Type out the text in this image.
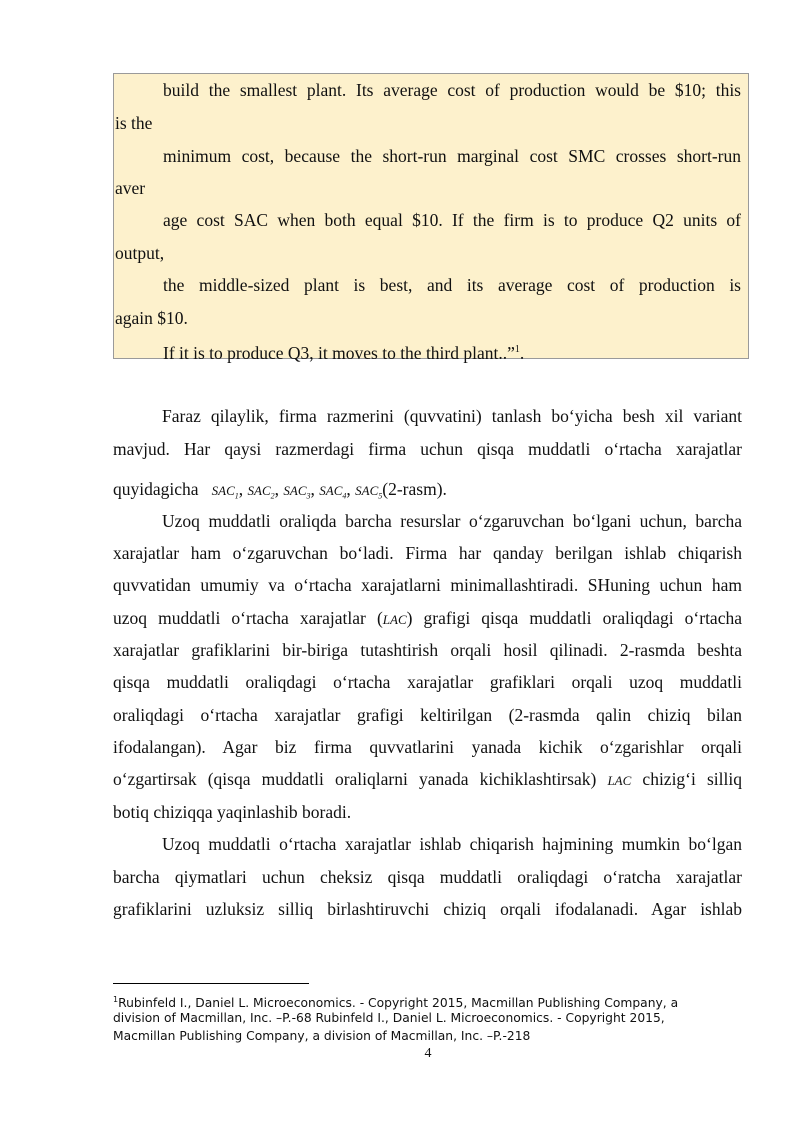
build the smallest plant. Its average cost of production would be $10; this
is the
minimum cost, because the short-run marginal cost SMC crosses short-run
aver
age cost SAC when both equal $10. If the firm is to produce Q2 units of
output,
the middle-sized plant is best, and its average cost of production is
again $10.
If it is to produce Q3, it moves to the third plant..”$^1$.
Faraz qilaylik, firma razmerini (quvvatini) tanlash bo‘yicha besh xil variant
mavjud. Har qaysi razmerdagi firma uchun qisqa muddatli o‘rtacha xarajatlar
quyidagicha $SAC_1$, $SAC_2$, $SAC_3$, $SAC_4$, $SAC_5(2-rasm)$.
Uzoq muddatli oraliqda barcha resurslar o‘zgaruvchan bo‘lgani uchun, barcha
xarajatlar ham o‘zgaruvchan bo‘ladi. Firma har qanday berilgan ishlab chiqarish
quvvatidan umumiy va o‘rtacha xarajatlarni minimallashtiradi. SHuning uchun ham
uzoq muddatli o‘rtacha xarajatlar (LAC) grafigi qisqa muddatli oraliqdagi o‘rtacha
xarajatlar grafiklarini bir-biriga tutashtirish orqali hosil qilinadi. 2-rasmda beshta
qisqa muddatli oraliqdagi o‘rtacha xarajatlar grafiklari orqali uzoq muddatli
oraliqdagi o‘rtacha xarajatlar grafigi keltirilgan (2-rasmda qalin chiziq bilan
ifodalangan). Agar biz firma quvvatlarini yanada kichik o‘zgarishlar orqali
o‘zgartirsak (qisqa muddatli oraliqlarni yanada kichiklashtirsak) LAC chizig‘i silliq
botiq chiziqqa yaqinlashib boradi.
Uzoq muddatli o‘rtacha xarajatlar ishlab chiqarish hajmining mumkin bo‘lgan
barcha qiymatlari uchun cheksiz qisqa muddatli oraliqdagi o‘ratcha xarajatlar
grafiklarini uzluksiz silliq birlashtiruvchi chiziq orqali ifodalanadi. Agar ishlab
$^1$Rubinfeld I., Daniel L. Microeconomics. - Copyright 2015, Macmillan Publishing Company, a
division of Macmillan, Inc. –P.-68 Rubinfeld I., Daniel L. Microeconomics. - Copyright 2015,
Macmillan Publishing Company, a division of Macmillan, Inc. –P.-218
4
